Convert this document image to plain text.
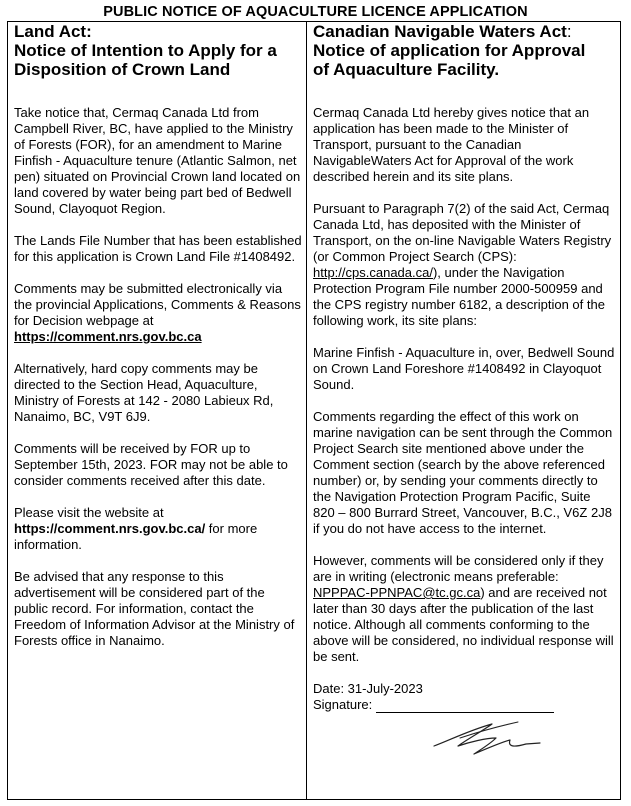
PUBLIC NOTICE OF AQUACULTURE LICENCE APPLICATION
Land Act:
Notice of Intention to Apply for a
Disposition of Crown Land

Take notice that, Cermaq Canada Ltd from Campbell River, BC, have applied to the Ministry of Forests (FOR), for an amendment to Marine Finfish - Aquaculture tenure (Atlantic Salmon, net pen) situated on Provincial Crown land located on land covered by water being part bed of Bedwell Sound, Clayoquot Region.

The Lands File Number that has been established for this application is Crown Land File #1408492.

Comments may be submitted electronically via the provincial Applications, Comments & Reasons for Decision webpage at
https://comment.nrs.gov.bc.ca

Alternatively, hard copy comments may be directed to the Section Head, Aquaculture, Ministry of Forests at 142 - 2080 Labieux Rd, Nanaimo, BC, V9T 6J9.

Comments will be received by FOR up to September 15th, 2023. FOR may not be able to consider comments received after this date.

Please visit the website at
https://comment.nrs.gov.bc.ca/ for more information.

Be advised that any response to this advertisement will be considered part of the public record. For information, contact the Freedom of Information Advisor at the Ministry of Forests office in Nanaimo.

Canadian Navigable Waters Act:
Notice of application for Approval
of Aquaculture Facility.

Cermaq Canada Ltd hereby gives notice that an application has been made to the Minister of Transport, pursuant to the Canadian NavigableWaters Act for Approval of the work described herein and its site plans.

Pursuant to Paragraph 7(2) of the said Act, Cermaq Canada Ltd, has deposited with the Minister of Transport, on the on-line Navigable Waters Registry (or Common Project Search (CPS): http://cps.canada.ca/), under the Navigation Protection Program File number 2000-500959 and the CPS registry number 6182, a description of the following work, its site plans:

Marine Finfish - Aquaculture in, over, Bedwell Sound on Crown Land Foreshore #1408492 in Clayoquot Sound.

Comments regarding the effect of this work on marine navigation can be sent through the Common Project Search site mentioned above under the Comment section (search by the above referenced number) or, by sending your comments directly to the Navigation Protection Program Pacific, Suite 820 – 800 Burrard Street, Vancouver, B.C., V6Z 2J8 if you do not have access to the internet.

However, comments will be considered only if they are in writing (electronic means preferable: NPPPAC-PPNPAC@tc.gc.ca) and are received not later than 30 days after the publication of the last notice. Although all comments conforming to the above will be considered, no individual response will be sent.

Date: 31-July-2023
Signature:
